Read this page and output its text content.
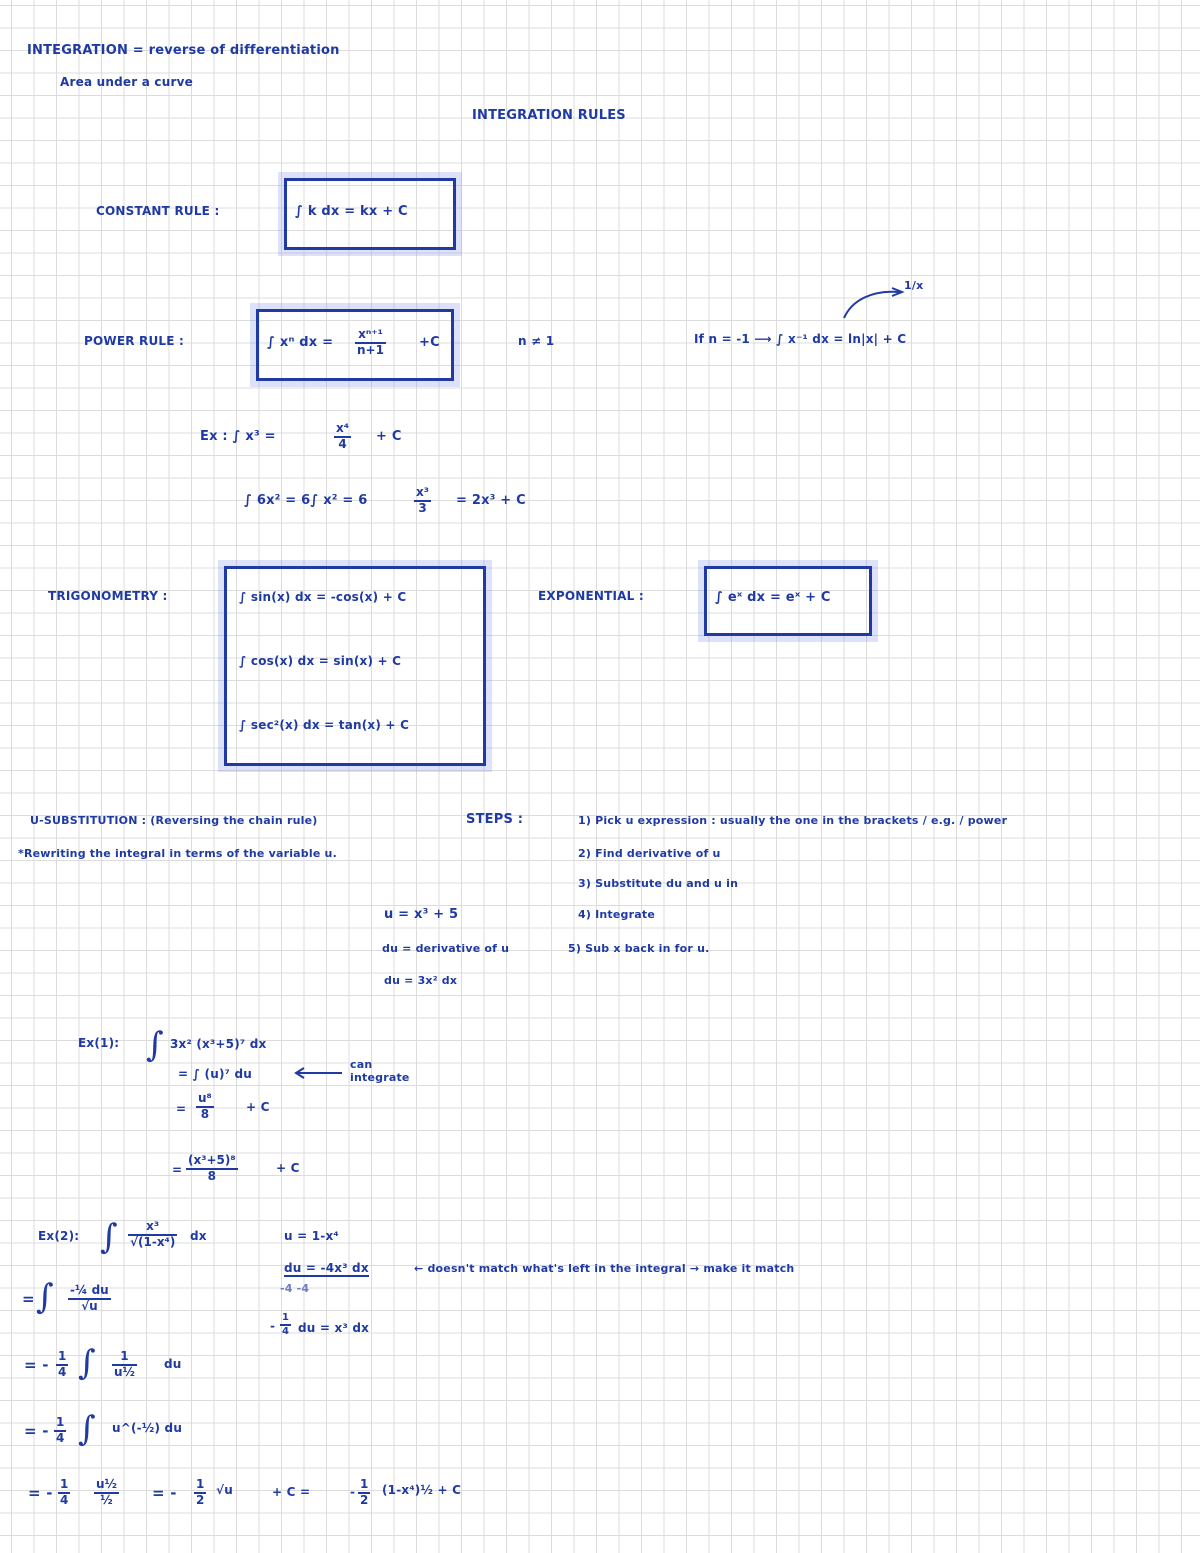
INTEGRATION = reverse of differentiation
Area under a curve
INTEGRATION RULES
CONSTANT RULE :	∫ k dx = kx + C
POWER RULE :	∫ xⁿ dx = $\frac{\text{xⁿ⁺¹}}{n+1}$	+C	n ≠ 1
1/x
If n = -1 ⟶ ∫ x⁻¹ dx = ln|x| + C
Ex : ∫ x³ =	$\frac{\text{x⁴}}{4} + C$
∫ 6x² = 6∫ x² = 6	$\frac{\text{x³}}{3} = 2x^3 + C$
TRIGONOMETRY :	∫ sin(x) dx = -cos(x) + C
∫ cos(x) dx = sin(x) + C
∫ sec²(x) dx = tan(x) + C
EXPONENTIAL :	∫ eˣ dx = eˣ + C
U-SUBSTITUTION : (Reversing the chain rule)
*Rewriting the integral in terms of the variable u.
STEPS :	1) Pick u expression : usually the one in the brackets / e.g. / power
2) Find derivative of u
3) Substitute du and u in
4) Integrate
5) Sub x back in for u.
u = x³ + 5
du = derivative of u
du = 3x² dx
Ex(1): ∫ 3x² (x³+5)⁷ dx
= ∫ (u)⁷ du
can integrate
= $\frac{\text{u⁸}}{8}$	+ C
= $\frac{\text{(x³+5)⁸}}{8}$	+ C
Ex(2): ∫ $\frac{\text{x³}}{\text{√(1-x⁴)}}$ dx	u = 1-x⁴
du = -4x³ dx
-4 -4
← doesn't match what's left in the integral → make it match
- $\frac{1}{4}$ du = x³ dx
= ∫ $\frac{\text{-¼ du}}{√u}$
= - $\frac{1}{4}$ ∫ $\frac{1}{\text{u½}}$ du
= - $\frac{1}{4}$ ∫ u^(-½) du
= - $\frac{1}{4}$ u½
½	= - $\frac{1}{2} √u$	+ C =	- $\frac{1}{2}$ (1-x⁴)½ + C
